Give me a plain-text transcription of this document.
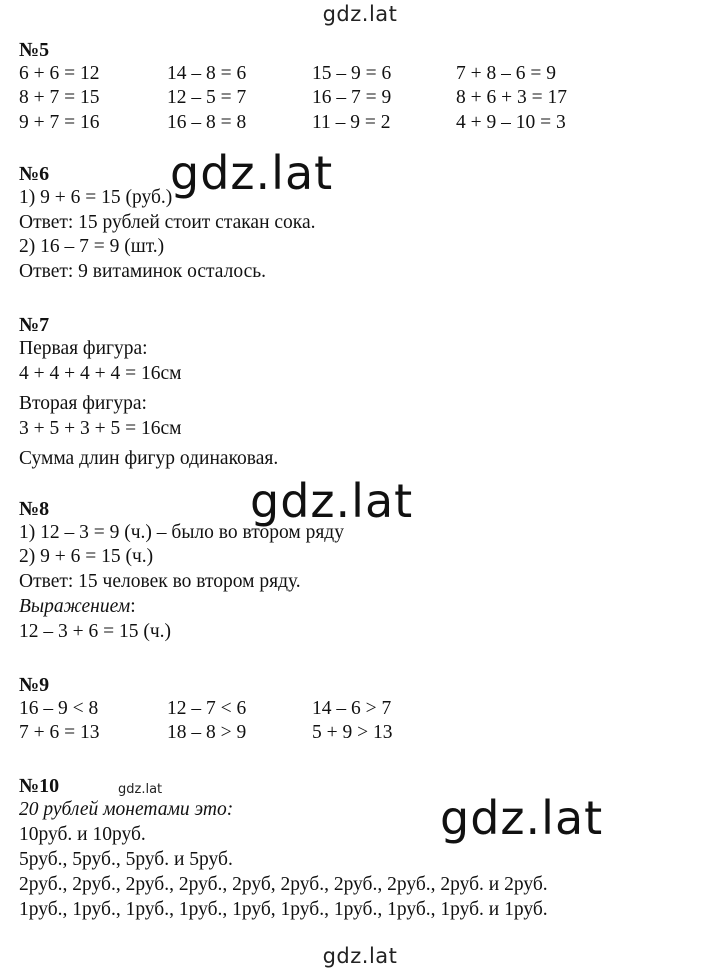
gdz.lat
gdz.lat
gdz.lat
gdz.lat
gdz.lat
gdz.lat
№5
6 + 6 = 12	14 – 8 = 6	15 – 9 = 6	7 + 8 – 6 = 9
8 + 7 = 15	12 – 5 = 7	16 – 7 = 9	8 + 6 + 3 = 17
9 + 7 = 16	16 – 8 = 8	11 – 9 = 2	4 + 9 – 10 = 3
№6
1) 9 + 6 = 15 (руб.)
Ответ: 15 рублей стоит стакан сока.
2) 16 – 7 = 9 (шт.)
Ответ: 9 витаминок осталось.
№7
Первая фигура:
4 + 4 + 4 + 4 = 16см
Вторая фигура:
3 + 5 + 3 + 5 = 16см
Сумма длин фигур одинаковая.
№8
1) 12 – 3 = 9 (ч.) – было во втором ряду
2) 9 + 6 = 15 (ч.)
Ответ: 15 человек во втором ряду.
Выражением:
12 – 3 + 6 = 15 (ч.)
№9
16 – 9 < 8	12 – 7 < 6	14 – 6 > 7
7 + 6 = 13	18 – 8 > 9	5 + 9 > 13
№10
20 рублей монетами это:
10руб. и 10руб.
5руб., 5руб., 5руб. и 5руб.
2руб., 2руб., 2руб., 2руб., 2руб, 2руб., 2руб., 2руб., 2руб. и 2руб.
1руб., 1руб., 1руб., 1руб., 1руб, 1руб., 1руб., 1руб., 1руб. и 1руб.
